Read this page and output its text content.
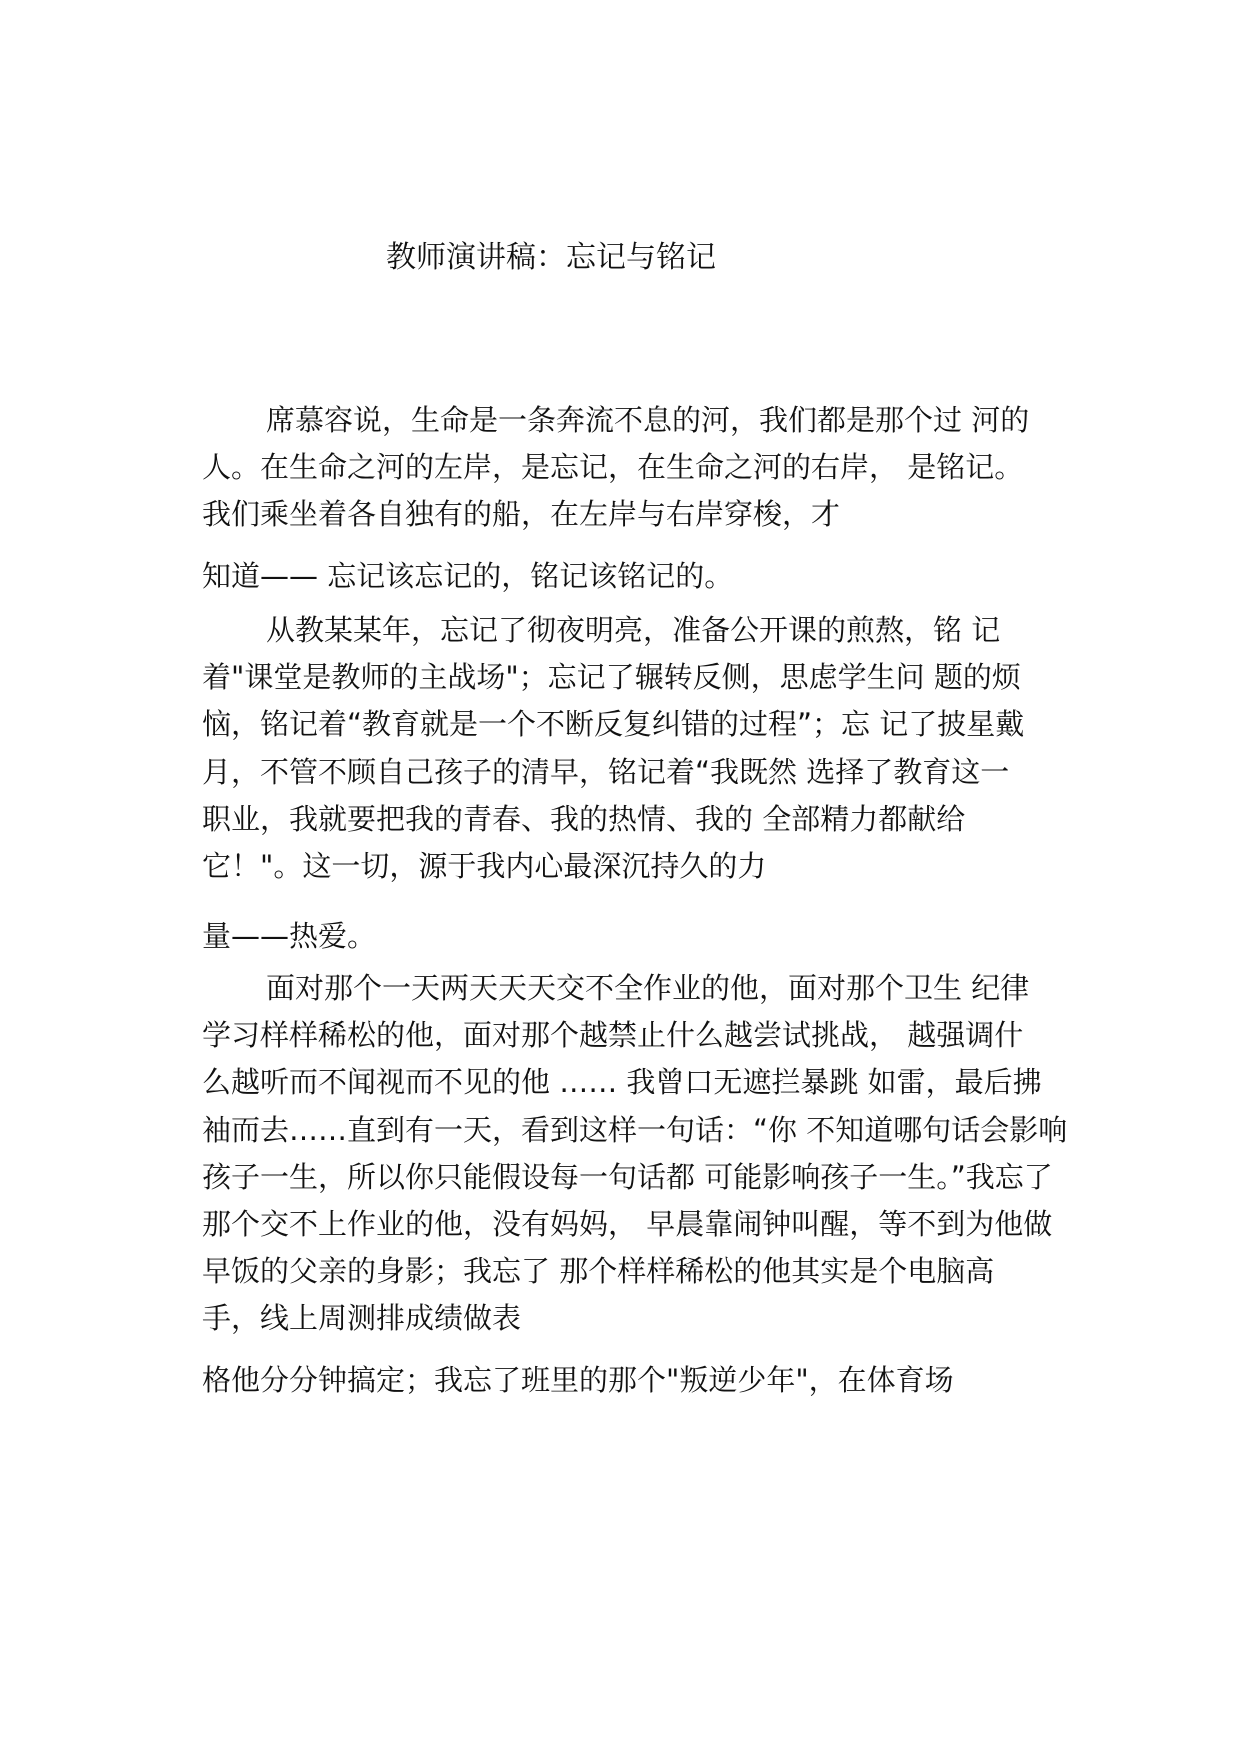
教师演讲稿：忘记与铭记
席慕容说，生命是一条奔流不息的河，我们都是那个过 河的
人。在生命之河的左岸，是忘记，在生命之河的右岸， 是铭记。
我们乘坐着各自独有的船，在左岸与右岸穿梭，才
知道—— 忘记该忘记的，铭记该铭记的。
从教某某年，忘记了彻夜明亮，准备公开课的煎熬，铭 记
着"课堂是教师的主战场"；忘记了辗转反侧，思虑学生问 题的烦
恼，铭记着“教育就是一个不断反复纠错的过程”；忘 记了披星戴
月，不管不顾自己孩子的清早，铭记着“我既然 选择了教育这一
职业，我就要把我的青春、我的热情、我的 全部精力都献给
它！"。这一切，源于我内心最深沉持久的力
量——热爱。
面对那个一天两天天天交不全作业的他，面对那个卫生 纪律
学习样样稀松的他，面对那个越禁止什么越尝试挑战， 越强调什
么越听而不闻视而不见的他 …… 我曾口无遮拦暴跳 如雷，最后拂
袖而去……直到有一天，看到这样一句话：“你 不知道哪句话会影响
孩子一生，所以你只能假设每一句话都 可能影响孩子一生。”我忘了
那个交不上作业的他，没有妈妈， 早晨靠闹钟叫醒，等不到为他做
早饭的父亲的身影；我忘了 那个样样稀松的他其实是个电脑高
手，线上周测排成绩做表
格他分分钟搞定；我忘了班里的那个"叛逆少年"，在体育场
